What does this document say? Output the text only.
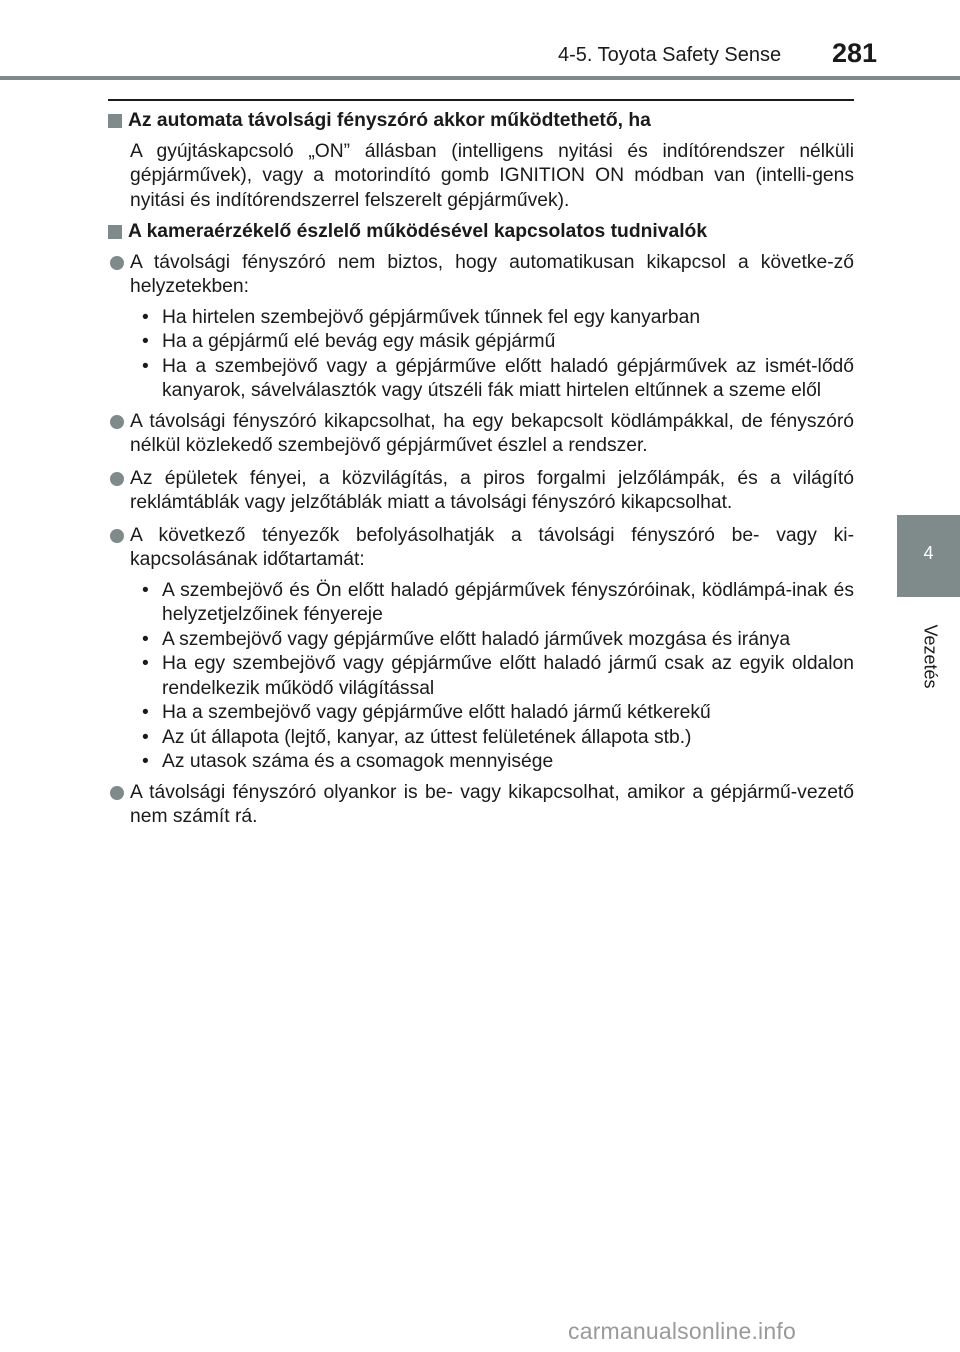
4-5. Toyota Safety Sense 281
4
Vezetés
Az automata távolsági fényszóró akkor működtethető, ha
A gyújtáskapcsoló „ON” állásban (intelligens nyitási és indítórendszer nélküli gépjárművek), vagy a motorindító gomb IGNITION ON módban van (intelli-gens nyitási és indítórendszerrel felszerelt gépjárművek).
A kameraérzékelő észlelő működésével kapcsolatos tudnivalók
A távolsági fényszóró nem biztos, hogy automatikusan kikapcsol a követke-ző helyzetekben:
• Ha hirtelen szembejövő gépjárművek tűnnek fel egy kanyarban
• Ha a gépjármű elé bevág egy másik gépjármű
• Ha a szembejövő vagy a gépjárműve előtt haladó gépjárművek az ismét-lődő kanyarok, sávelválasztók vagy útszéli fák miatt hirtelen eltűnnek a szeme elől
A távolsági fényszóró kikapcsolhat, ha egy bekapcsolt ködlámpákkal, de fényszóró nélkül közlekedő szembejövő gépjárművet észlel a rendszer.
Az épületek fényei, a közvilágítás, a piros forgalmi jelzőlámpák, és a világító reklámtáblák vagy jelzőtáblák miatt a távolsági fényszóró kikapcsolhat.
A következő tényezők befolyásolhatják a távolsági fényszóró be- vagy ki-kapcsolásának időtartamát:
• A szembejövő és Ön előtt haladó gépjárművek fényszóróinak, ködlámpá-inak és helyzetjelzőinek fényereje
• A szembejövő vagy gépjárműve előtt haladó járművek mozgása és iránya
• Ha egy szembejövő vagy gépjárműve előtt haladó jármű csak az egyik oldalon rendelkezik működő világítással
• Ha a szembejövő vagy gépjárműve előtt haladó jármű kétkerekű
• Az út állapota (lejtő, kanyar, az úttest felületének állapota stb.)
• Az utasok száma és a csomagok mennyisége
A távolsági fényszóró olyankor is be- vagy kikapcsolhat, amikor a gépjármű-vezető nem számít rá.
carmanualsonline.info
